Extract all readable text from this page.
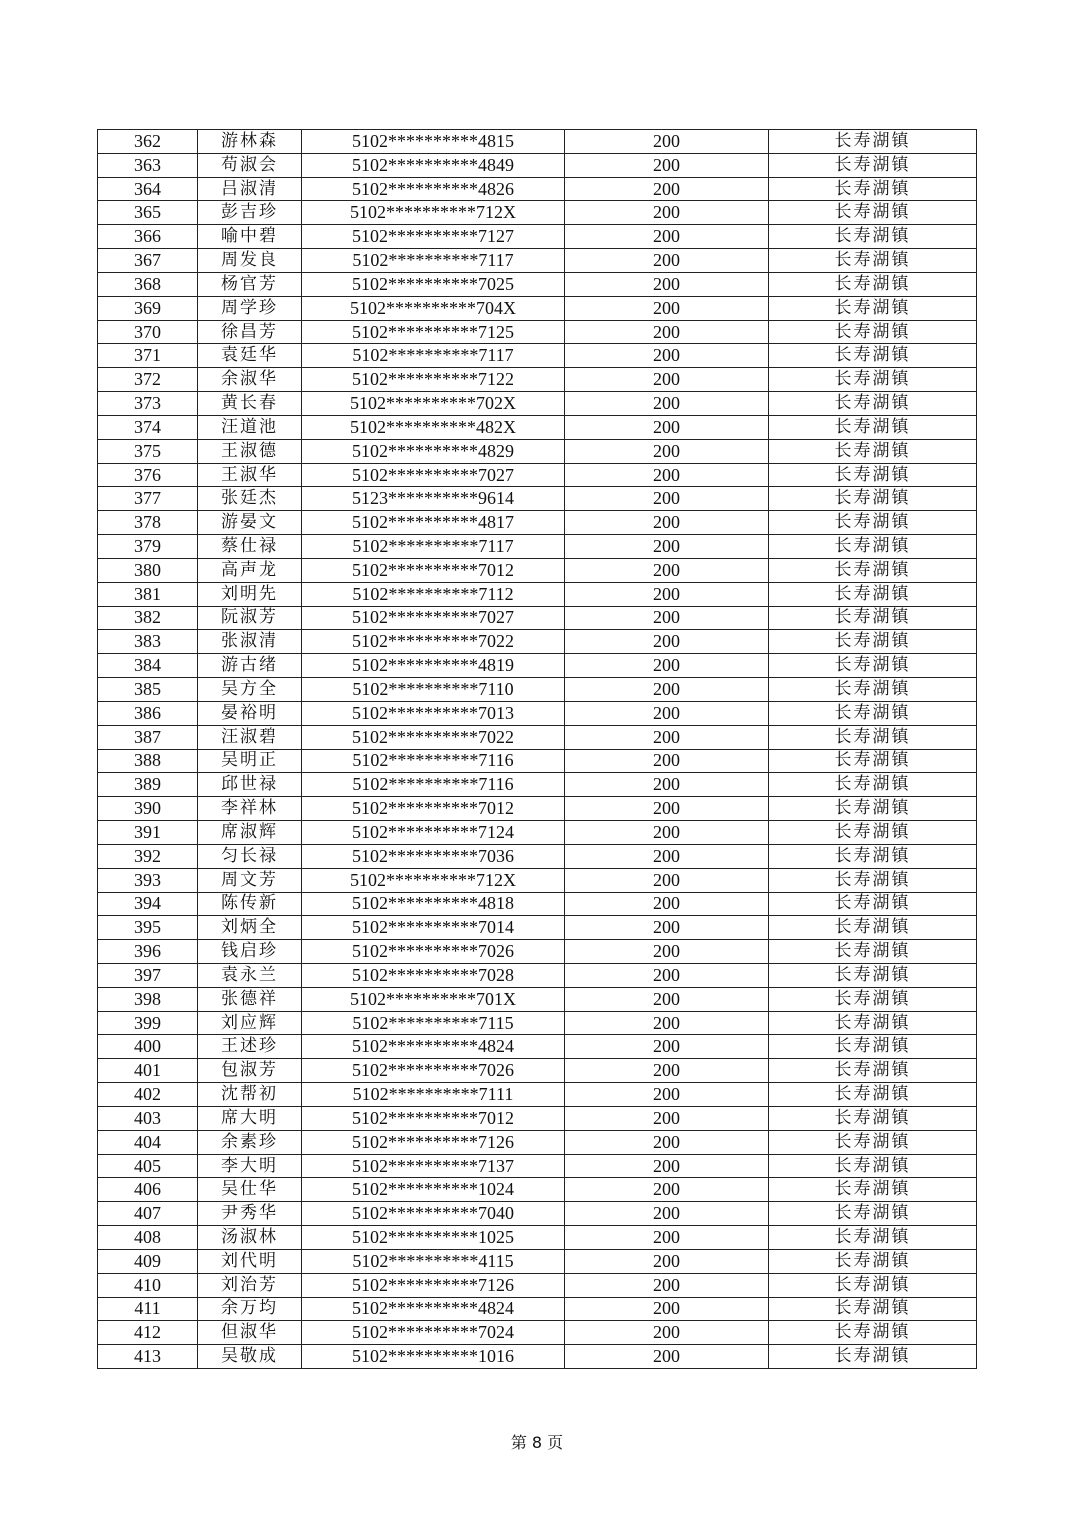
362	游林森	5102**********4815	200	长寿湖镇
363	苟淑会	5102**********4849	200	长寿湖镇
364	吕淑清	5102**********4826	200	长寿湖镇
365	彭吉珍	5102**********712X	200	长寿湖镇
366	喻中碧	5102**********7127	200	长寿湖镇
367	周发良	5102**********7117	200	长寿湖镇
368	杨官芳	5102**********7025	200	长寿湖镇
369	周学珍	5102**********704X	200	长寿湖镇
370	徐昌芳	5102**********7125	200	长寿湖镇
371	袁廷华	5102**********7117	200	长寿湖镇
372	余淑华	5102**********7122	200	长寿湖镇
373	黄长春	5102**********702X	200	长寿湖镇
374	汪道池	5102**********482X	200	长寿湖镇
375	王淑德	5102**********4829	200	长寿湖镇
376	王淑华	5102**********7027	200	长寿湖镇
377	张廷杰	5123**********9614	200	长寿湖镇
378	游晏文	5102**********4817	200	长寿湖镇
379	蔡仕禄	5102**********7117	200	长寿湖镇
380	高声龙	5102**********7012	200	长寿湖镇
381	刘明先	5102**********7112	200	长寿湖镇
382	阮淑芳	5102**********7027	200	长寿湖镇
383	张淑清	5102**********7022	200	长寿湖镇
384	游古绪	5102**********4819	200	长寿湖镇
385	吴方全	5102**********7110	200	长寿湖镇
386	晏裕明	5102**********7013	200	长寿湖镇
387	汪淑碧	5102**********7022	200	长寿湖镇
388	吴明正	5102**********7116	200	长寿湖镇
389	邱世禄	5102**********7116	200	长寿湖镇
390	李祥林	5102**********7012	200	长寿湖镇
391	席淑辉	5102**********7124	200	长寿湖镇
392	匀长禄	5102**********7036	200	长寿湖镇
393	周文芳	5102**********712X	200	长寿湖镇
394	陈传新	5102**********4818	200	长寿湖镇
395	刘炳全	5102**********7014	200	长寿湖镇
396	钱启珍	5102**********7026	200	长寿湖镇
397	袁永兰	5102**********7028	200	长寿湖镇
398	张德祥	5102**********701X	200	长寿湖镇
399	刘应辉	5102**********7115	200	长寿湖镇
400	王述珍	5102**********4824	200	长寿湖镇
401	包淑芳	5102**********7026	200	长寿湖镇
402	沈帮初	5102**********7111	200	长寿湖镇
403	席大明	5102**********7012	200	长寿湖镇
404	余素珍	5102**********7126	200	长寿湖镇
405	李大明	5102**********7137	200	长寿湖镇
406	吴仕华	5102**********1024	200	长寿湖镇
407	尹秀华	5102**********7040	200	长寿湖镇
408	汤淑林	5102**********1025	200	长寿湖镇
409	刘代明	5102**********4115	200	长寿湖镇
410	刘治芳	5102**********7126	200	长寿湖镇
411	余万均	5102**********4824	200	长寿湖镇
412	但淑华	5102**********7024	200	长寿湖镇
413	吴敬成	5102**********1016	200	长寿湖镇
第 8 页
